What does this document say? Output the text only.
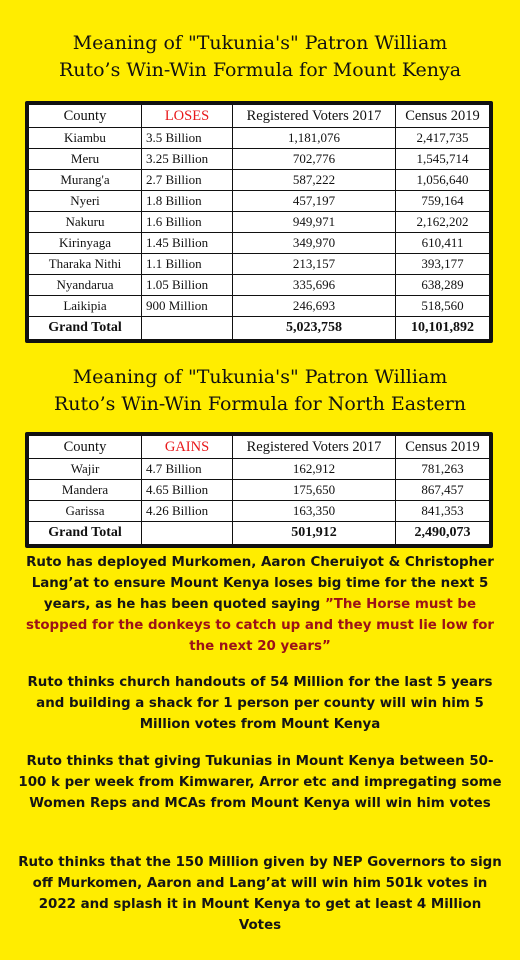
Meaning of "Tukunia's" Patron William
Ruto’s Win-Win Formula for Mount Kenya
County	LOSES	Registered Voters 2017	Census 2019
Kiambu	3.5 Billion	1,181,076	2,417,735
Meru	3.25 Billion	702,776	1,545,714
Murang'a	2.7 Billion	587,222	1,056,640
Nyeri	1.8 Billion	457,197	759,164
Nakuru	1.6 Billion	949,971	2,162,202
Kirinyaga	1.45 Billion	349,970	610,411
Tharaka Nithi	1.1 Billion	213,157	393,177
Nyandarua	1.05 Billion	335,696	638,289
Laikipia	900 Million	246,693	518,560
Grand Total		5,023,758	10,101,892
Meaning of "Tukunia's" Patron William
Ruto’s Win-Win Formula for North Eastern
County	GAINS	Registered Voters 2017	Census 2019
Wajir	4.7 Billion	162,912	781,263
Mandera	4.65 Billion	175,650	867,457
Garissa	4.26 Billion	163,350	841,353
Grand Total		501,912	2,490,073
Ruto has deployed Murkomen, Aaron Cheruiyot & Christopher Lang’at to ensure Mount Kenya loses big time for the next 5 years, as he has been quoted saying ”The Horse must be stopped for the donkeys to catch up and they must lie low for the next 20 years”
Ruto thinks church handouts of 54 Million for the last 5 years and building a shack for 1 person per county will win him 5 Million votes from Mount Kenya
Ruto thinks that giving Tukunias in Mount Kenya between 50-100 k per week from Kimwarer, Arror etc and impregating some Women Reps and MCAs from Mount Kenya will win him votes
Ruto thinks that the 150 Million given by NEP Governors to sign off Murkomen, Aaron and Lang’at will win him 501k votes in 2022 and splash it in Mount Kenya to get at least 4 Million Votes
